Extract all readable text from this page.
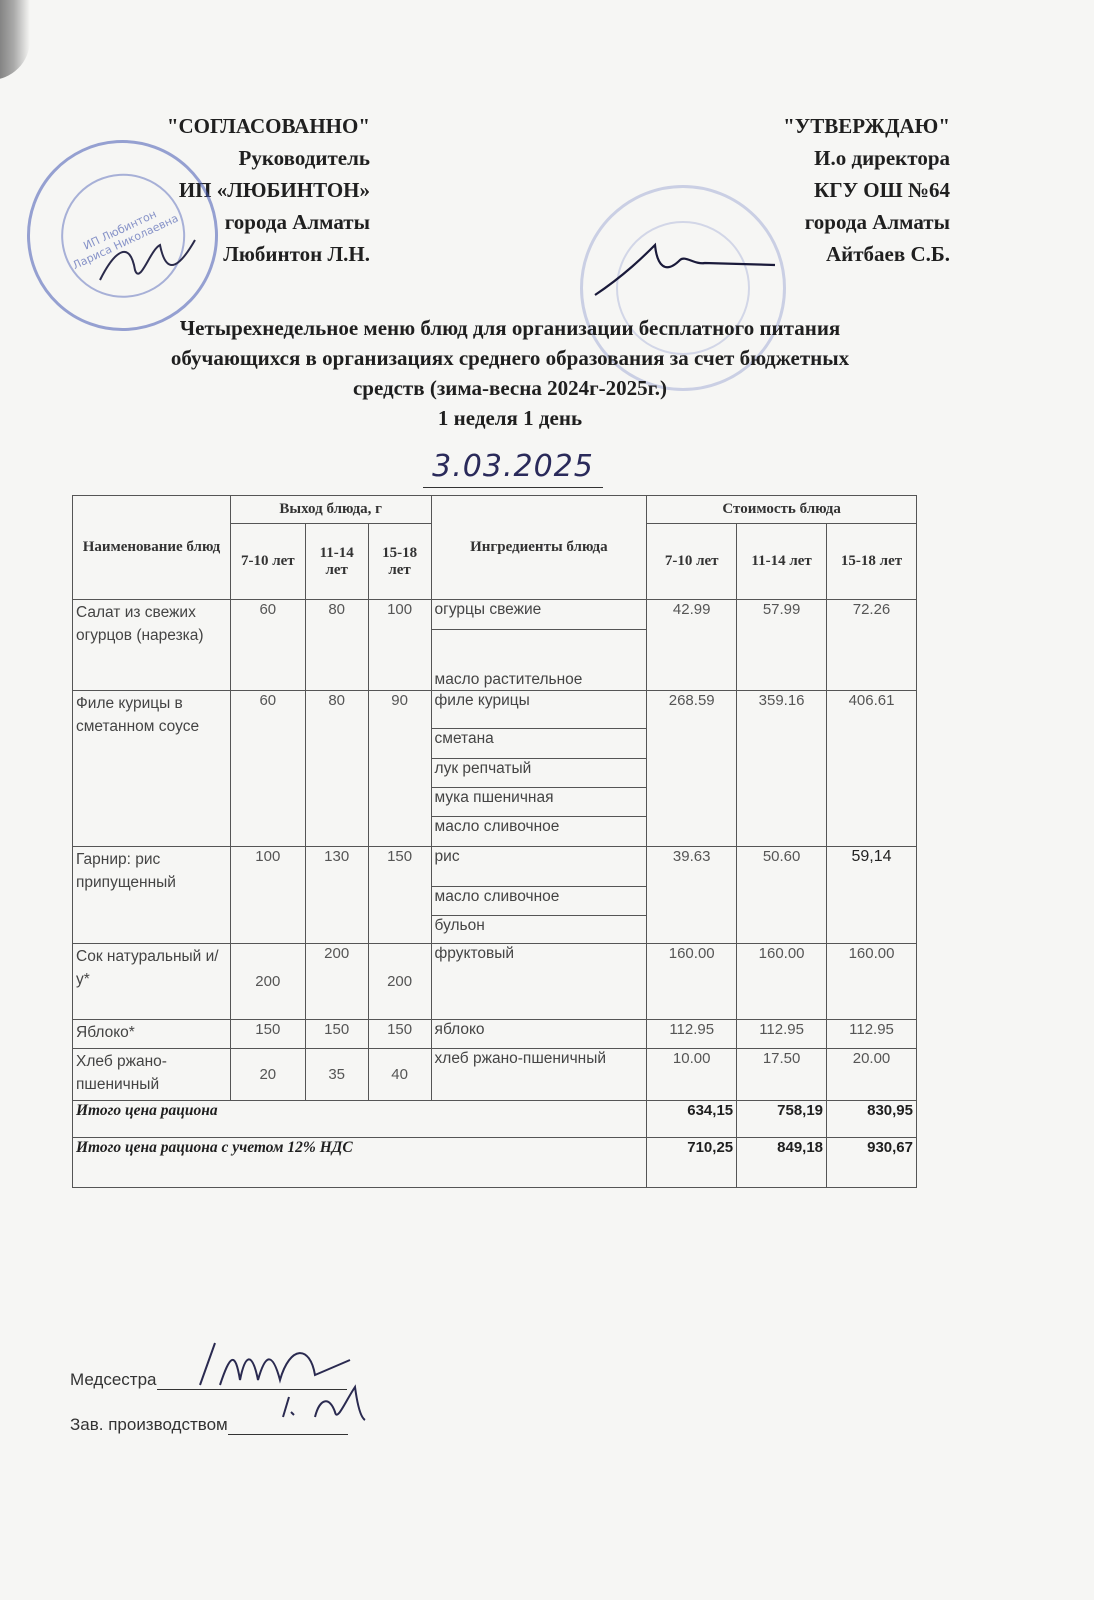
"СОГЛАСОВАННО"
Руководитель
ИП «ЛЮБИНТОН»
города Алматы
Любинтон Л.Н.
"УТВЕРЖДАЮ"
И.о директора
КГУ ОШ №64
города Алматы
Айтбаев С.Б.
ИП Любинтон Лариса Николаевна
Четырехнедельное меню блюд для организации бесплатного питания
обучающихся в организациях среднего образования за счет бюджетных
средств (зима-весна 2024г-2025г.)
1 неделя 1 день
3.03.2025
Наименование блюд	Выход блюда, г			Ингредиенты блюда	Стоимость блюда		
	7-10 лет	11-14 лет	15-18 лет		7-10 лет	11-14 лет	15-18 лет
Салат из свежих огурцов (нарезка)	60	80	100	огурцы свежие	42.99	57.99	72.26
				масло растительное			
Филе курицы в сметанном соусе	60	80	90	филе курицы	268.59	359.16	406.61
				сметана			
				лук репчатый			
				мука пшеничная			
				масло сливочное			
Гарнир: рис припущенный	100	130	150	рис	39.63	50.60	59,14
				масло сливочное			
				бульон			
Сок натуральный и/у*	200	200	200	фруктовый	160.00	160.00	160.00
Яблоко*	150	150	150	яблоко	112.95	112.95	112.95
Хлеб ржано-пшеничный	20	35	40	хлеб ржано-пшеничный	10.00	17.50	20.00
Итого цена рациона					634,15	758,19	830,95
Итого цена рациона с учетом 12% НДС					710,25	849,18	930,67
Медсестра
Зав. производством
